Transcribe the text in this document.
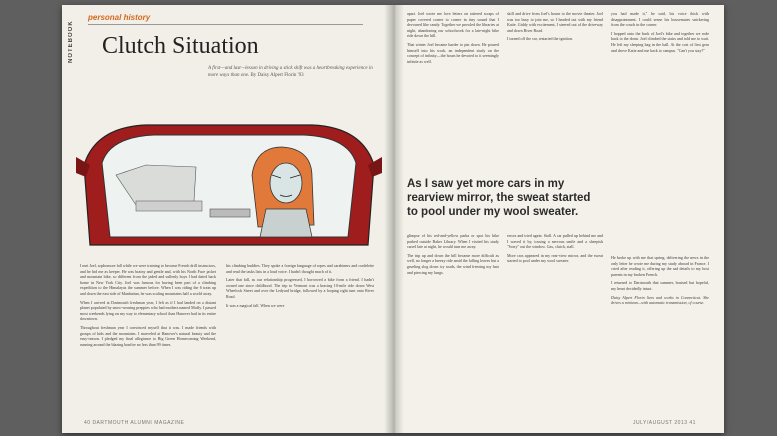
NOTEBOOK
personal history
Clutch Situation
A first—and last—lesson in driving a stick shift was a heartbreaking experience in more ways than one. By Daisy Alpert Florin '93

I met Joel, sophomore fall while we were training to become French drill instructors, and he hid me as keeper. He was brainy and gentle and, with his North Face jacket and mountain bike, so different from the jaded and sullenly boys I had dated back home in New York City. Joel was famous for having been part of a climbing expedition to the Himalayas the summer before. When I was riding the 6 train up and down the east side of Manhattan, he was scaling mountains half a world away.

When I arrived at Dartmouth freshman year, I felt as if I had landed on a distant planet populated by snow-wearing preppies who had mothers named Muffy. I passed most weekends lying on my way to elementary school than Hanover had in its entire downtown.

Throughout freshman year I convinced myself that it was. I made friends with groups of kids and the mountains. I marveled at Hanover's natural beauty and the easy-reason. I pledged my final allegiance to Big Green Homecoming Weekend, running around the blazing bonfire no less than 99 times.

his climbing buddies. They spoke a foreign language of ropes and carabiners and cordelette and read the tasks lists in a loud voice. I hadn't thought much of it.

Later that fall, as our relationship progressed, I borrowed a bike from a friend. I hadn't owned one since childhood. The trip to Vermont was a bracing 10-mile ride down West Wheelock Street and over the Ledyard bridge, followed by a looping right turn onto River Road.

It was a magical fall. When we were

40 DARTMOUTH ALUMNI MAGAZINE

apart. Joel wrote me love letters on tattered scraps of paper covered corner to corner in tiny sound that I devoured like candy. Together we prowled the libraries at night, abandoning our schoolwork for a late-night bike ride down the hill.

That winter Joel became harder to pin down. He poured himself into his work, an independent study on the concept of infinity—the hours he devoted to it seemingly infinite as well.

skill and drive from Joel's house to the movie theater. Joel was too busy to join me, so I headed out with my friend Katie. Giddy with excitement, I steered out of the driveway and down River Road.

I turned off the car, restarted the ignition.

you had made it," he said, his voice thick with disappointment. I could sense his housemates snickering from the couch in the corner.

I hopped onto the back of Joel's bike and together we rode back to the dorm. Joel climbed the stairs and told me to wait. He left my sleeping bag in the hall. At the cost of first gear and drove Katie and me back to campus. "Can't you stay?"

As I saw yet more cars in my rearview mirror, the sweat started to pool under my wool sweater.

glimpse of his red-and-yellow parka or spot his bike parked outside Baker Library. When I visited his study carrel late at night, he would turn me away.

The trip up and down the hill became more difficult as well, no longer a breezy ride amid the falling leaves but a grueling slog down icy roads, the wind freezing my hair and piercing my lungs.

errors and tried again. Stall. A car pulled up behind me and I waved it by, tossing a nervous smile and a sheepish "Sorry" out the window. Gas, clutch, stall.

More cars appeared in my rear-view mirror, and the sweat started to pool under my wool sweater.

He broke up with me that spring, delivering the news in the only letter he wrote me during my study abroad in France. I cried after reading it, offering up the sad details to my host parents in my broken French.

I returned to Dartmouth that summer, bruised but hopeful, my heart decidedly intact.

Daisy Alpert Florin lives and works in Connecticut. She drives a minivan—with automatic transmission, of course.

JULY/AUGUST 2013 41
